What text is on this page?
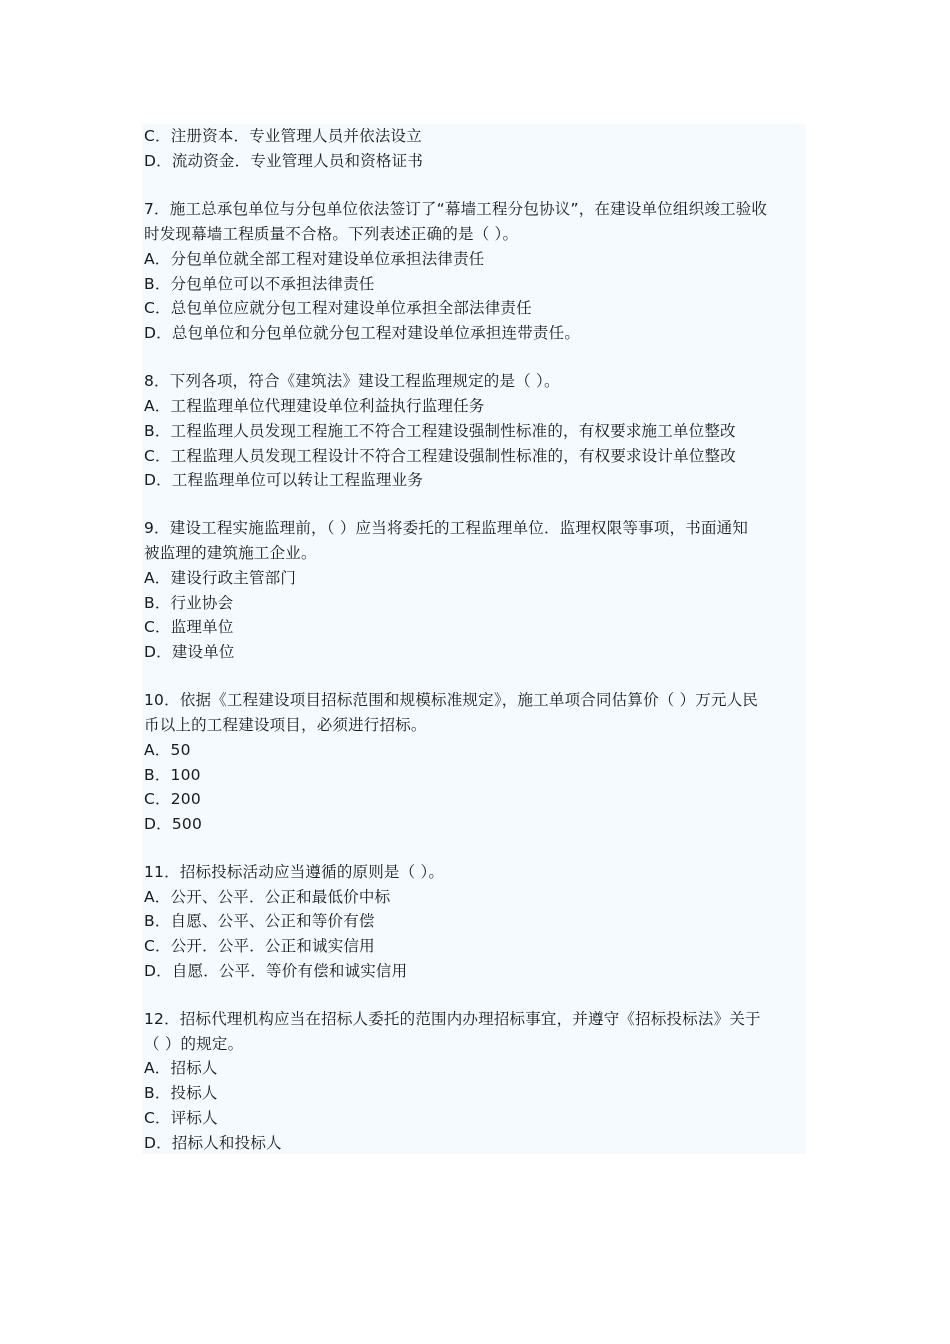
C．注册资本．专业管理人员并依法设立
D．流动资金．专业管理人员和资格证书
7．施工总承包单位与分包单位依法签订了“幕墙工程分包协议”，在建设单位组织竣工验收
时发现幕墙工程质量不合格。下列表述正确的是（ ）。
A．分包单位就全部工程对建设单位承担法律责任
B．分包单位可以不承担法律责任
C．总包单位应就分包工程对建设单位承担全部法律责任
D．总包单位和分包单位就分包工程对建设单位承担连带责任。
8．下列各项，符合《建筑法》建设工程监理规定的是（ ）。
A．工程监理单位代理建设单位利益执行监理任务
B．工程监理人员发现工程施工不符合工程建设强制性标准的，有权要求施工单位整改
C．工程监理人员发现工程设计不符合工程建设强制性标准的，有权要求设计单位整改
D．工程监理单位可以转让工程监理业务
9．建设工程实施监理前，（ ）应当将委托的工程监理单位．监理权限等事项，书面通知
被监理的建筑施工企业。
A．建设行政主管部门
B．行业协会
C．监理单位
D．建设单位
10．依据《工程建设项目招标范围和规模标准规定》，施工单项合同估算价（ ）万元人民
币以上的工程建设项目，必须进行招标。
A．50
B．100
C．200
D．500
11．招标投标活动应当遵循的原则是（ ）。
A．公开、公平．公正和最低价中标
B．自愿、公平、公正和等价有偿
C．公开．公平．公正和诚实信用
D．自愿．公平．等价有偿和诚实信用
12．招标代理机构应当在招标人委托的范围内办理招标事宜，并遵守《招标投标法》关于
（ ）的规定。
A．招标人
B．投标人
C．评标人
D．招标人和投标人
